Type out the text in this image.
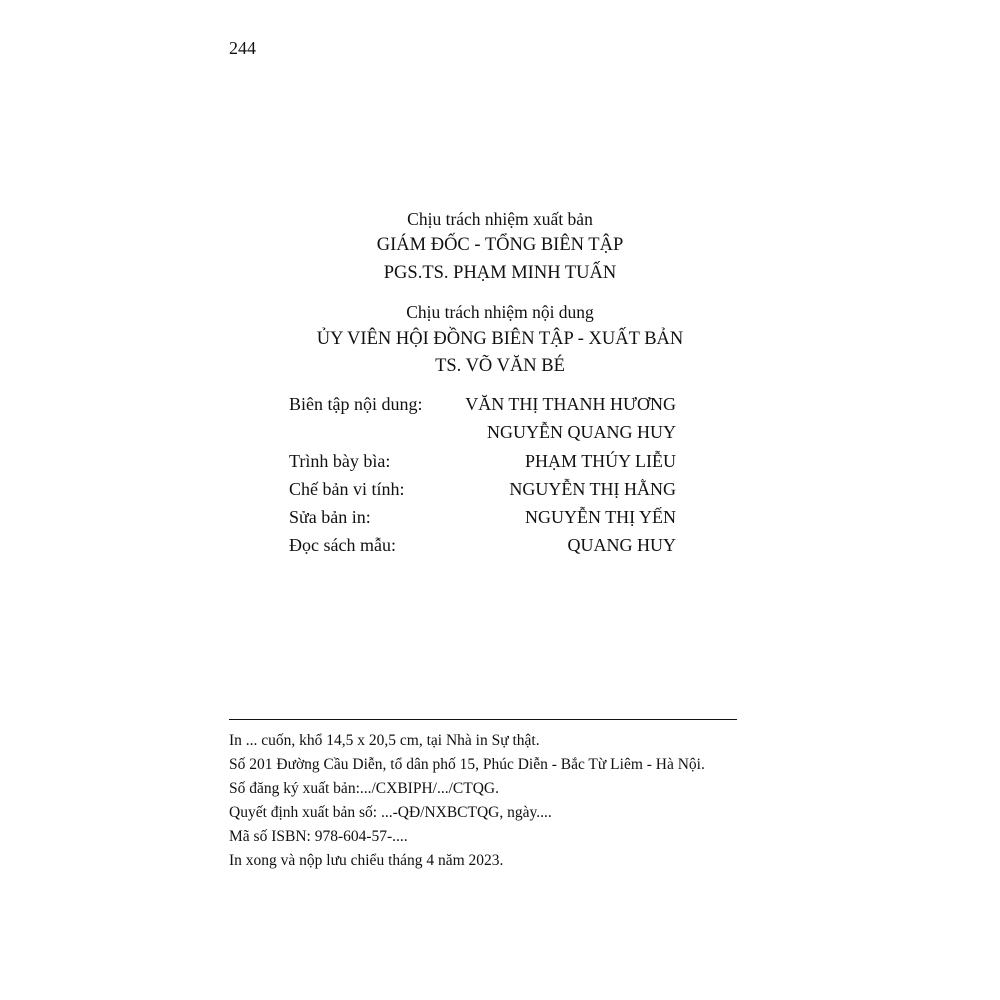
244
Chịu trách nhiệm xuất bản
GIÁM ĐỐC - TỔNG BIÊN TẬP
PGS.TS. PHẠM MINH TUẤN
Chịu trách nhiệm nội dung
ỦY VIÊN HỘI ĐỒNG BIÊN TẬP - XUẤT BẢN
TS. VÕ VĂN BÉ
Biên tập nội dung: VĂN THỊ THANH HƯƠNG
NGUYỄN QUANG HUY
Trình bày bìa:	PHẠM THÚY LIỄU
Chế bản vi tính:	NGUYỄN THỊ HẰNG
Sửa bản in:	NGUYỄN THỊ YẾN
Đọc sách mẫu:	QUANG HUY
In ... cuốn, khổ 14,5 x 20,5 cm, tại Nhà in Sự thật.
Số 201 Đường Cầu Diễn, tổ dân phố 15, Phúc Diễn - Bắc Từ Liêm - Hà Nội.
Số đăng ký xuất bản:.../CXBIPH/.../CTQG.
Quyết định xuất bản số: ...-QĐ/NXBCTQG, ngày....
Mã số ISBN: 978-604-57-....
In xong và nộp lưu chiểu tháng 4 năm 2023.
